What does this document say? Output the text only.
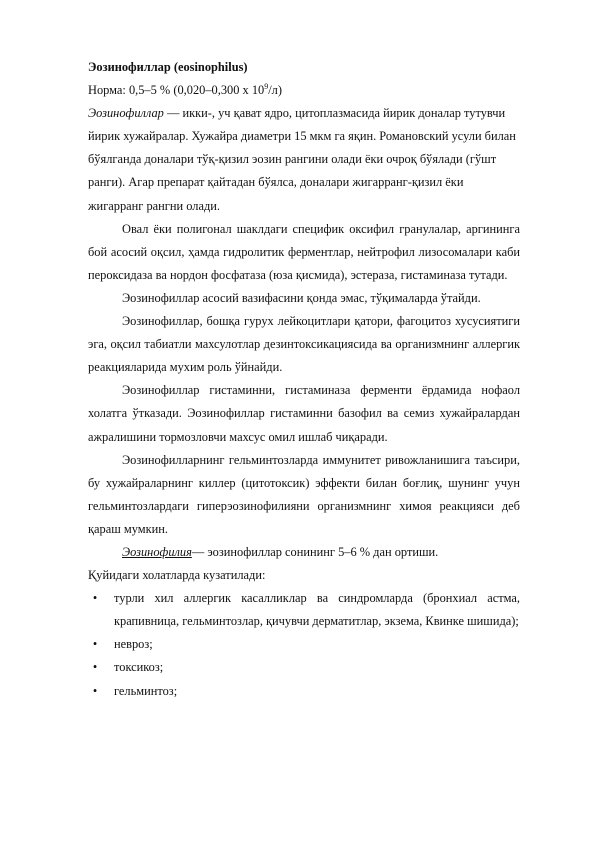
Эозинофиллар (eosinophilus)

Норма: 0,5–5 % (0,020–0,300 х $10^9/л$)

Эозинофиллар — икки-, уч қават ядро, цитоплазмасида йирик доналар тутувчи йирик хужайралар. Хужайра диаметри 15 мкм га яқин. Романовский усули билан бўялганда доналари тўқ-қизил эозин рангини олади ёки очроқ бўялади (гўшт ранги). Агар препарат қайтадан бўялса, доналари жигарранг-қизил ёки жигарранг рангни олади.

Овал ёки полигонал шаклдаги специфик оксифил гранулалар, аргинингa бой асосий оқсил, ҳамда гидролитик ферментлар, нейтрофил лизосомалари каби пероксидаза ва нордон фосфатаза (юза қисмида), эстераза, гистаминаза тутади.

Эозинофиллар асосий вазифасини қонда эмас, тўқималарда ўтайди.

Эозинофиллар, бошқа гурух лейкоцитлари қатори, фагоцитоз хусусиятиги эга, оқсил табиатли махсулотлар дезинтоксикациясида ва организмнинг аллергик реакцияларида мухим роль ўйнайди.

Эозинофиллар гистаминни, гистаминаза ферменти ёрдамида нофаол холатга ўтказади. Эозинофиллар гистаминни базофил ва семиз хужайралардан ажралишини тормозловчи махсус омил ишлаб чиқаради.

Эозинофилларнинг гельминтозларда иммунитет ривожланишига таъсири, бу хужайраларнинг киллер (цитотоксик) эффекти билан боғлиқ, шунинг учун гельминтозлардаги гиперэозинофилияни организмнинг химоя реакцияси деб қараш мумкин.

Эозинофилия— эозинофиллар сонининг 5–6 % дан ортиши.

Қуйидаги холатларда кузатилади:

• турли хил аллергик касалликлар ва синдромларда (бронхиал астма, крапивница, гельминтозлар, қичувчи дерматитлар, экзема, Квинке шишида);
• невроз;
• токсикоз;
• гельминтоз;
